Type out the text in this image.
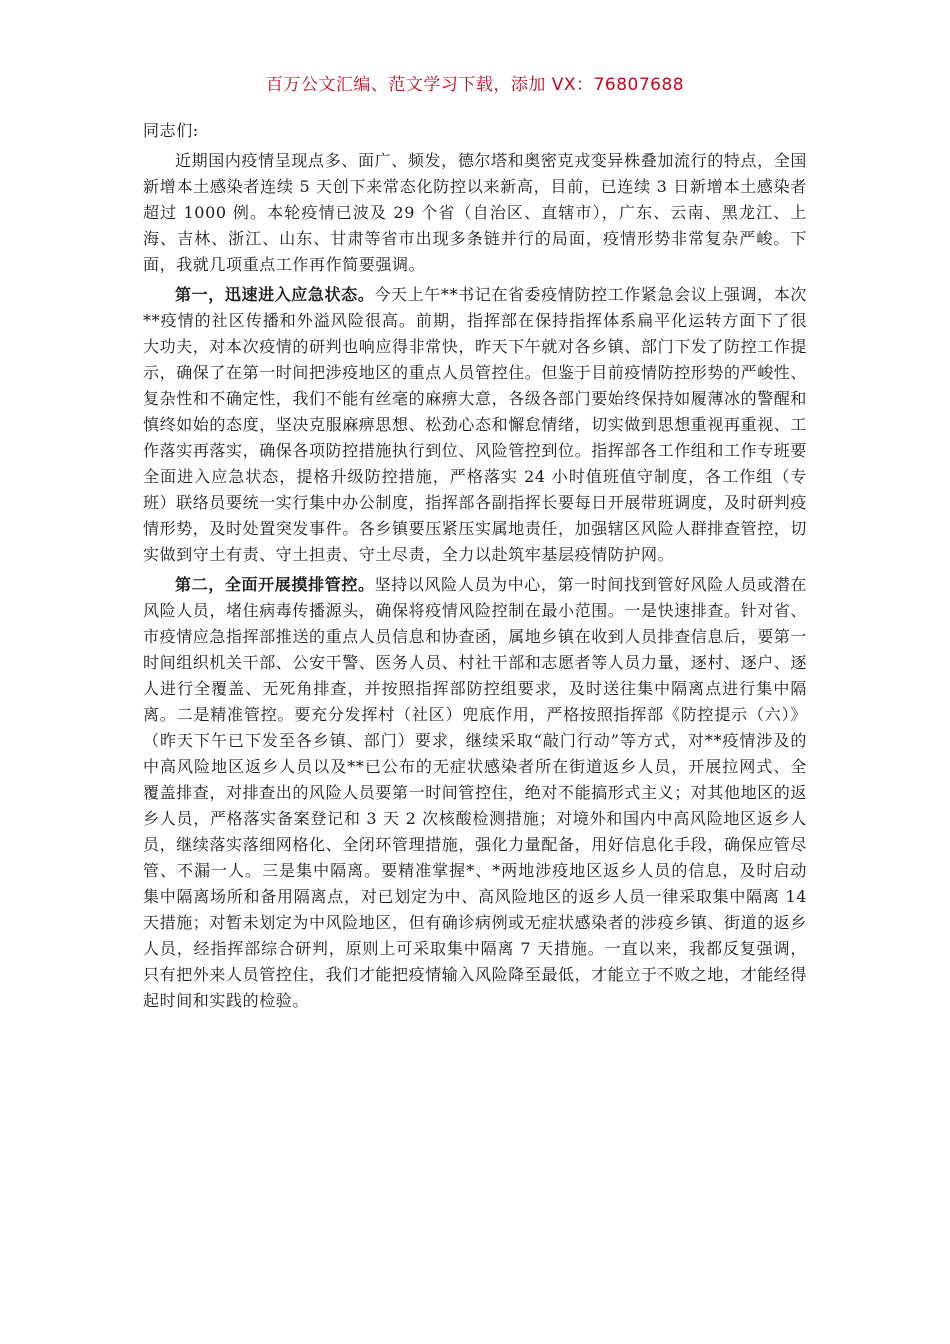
百万公文汇编、范文学习下载，添加 VX：76807688

同志们:

近期国内疫情呈现点多、面广、频发，德尔塔和奥密克戎变异株叠加流行的特点，全国新增本土感染者连续 5 天创下来常态化防控以来新高，目前，已连续 3 日新增本土感染者超过 1000 例。本轮疫情已波及 29 个省（自治区、直辖市），广东、云南、黑龙江、上海、吉林、浙江、山东、甘肃等省市出现多条链并行的局面，疫情形势非常复杂严峻。下面，我就几项重点工作再作简要强调。

第一，迅速进入应急状态。今天上午**书记在省委疫情防控工作紧急会议上强调，本次**疫情的社区传播和外溢风险很高。前期，指挥部在保持指挥体系扁平化运转方面下了很大功夫，对本次疫情的研判也响应得非常快，昨天下午就对各乡镇、部门下发了防控工作提示，确保了在第一时间把涉疫地区的重点人员管控住。但鉴于目前疫情防控形势的严峻性、复杂性和不确定性，我们不能有丝毫的麻痹大意，各级各部门要始终保持如履薄冰的警醒和慎终如始的态度，坚决克服麻痹思想、松劲心态和懈怠情绪，切实做到思想重视再重视、工作落实再落实，确保各项防控措施执行到位、风险管控到位。指挥部各工作组和工作专班要全面进入应急状态，提格升级防控措施，严格落实 24 小时值班值守制度，各工作组（专班）联络员要统一实行集中办公制度，指挥部各副指挥长要每日开展带班调度，及时研判疫情形势，及时处置突发事件。各乡镇要压紧压实属地责任，加强辖区风险人群排查管控，切实做到守土有责、守土担责、守土尽责，全力以赴筑牢基层疫情防护网。

第二，全面开展摸排管控。坚持以风险人员为中心，第一时间找到管好风险人员或潜在风险人员，堵住病毒传播源头，确保将疫情风险控制在最小范围。一是快速排查。针对省、市疫情应急指挥部推送的重点人员信息和协查函，属地乡镇在收到人员排查信息后，要第一时间组织机关干部、公安干警、医务人员、村社干部和志愿者等人员力量，逐村、逐户、逐人进行全覆盖、无死角排查，并按照指挥部防控组要求，及时送往集中隔离点进行集中隔离。二是精准管控。要充分发挥村（社区）兜底作用，严格按照指挥部《防控提示（六）》（昨天下午已下发至各乡镇、部门）要求，继续采取“敲门行动”等方式，对**疫情涉及的中高风险地区返乡人员以及**已公布的无症状感染者所在街道返乡人员，开展拉网式、全覆盖排查，对排查出的风险人员要第一时间管控住，绝对不能搞形式主义；对其他地区的返乡人员，严格落实备案登记和 3 天 2 次核酸检测措施；对境外和国内中高风险地区返乡人员，继续落实落细网格化、全闭环管理措施，强化力量配备，用好信息化手段，确保应管尽管、不漏一人。三是集中隔离。要精准掌握*、*两地涉疫地区返乡人员的信息，及时启动集中隔离场所和备用隔离点，对已划定为中、高风险地区的返乡人员一律采取集中隔离 14 天措施；对暂未划定为中风险地区，但有确诊病例或无症状感染者的涉疫乡镇、街道的返乡人员，经指挥部综合研判，原则上可采取集中隔离 7 天措施。一直以来，我都反复强调，只有把外来人员管控住，我们才能把疫情输入风险降至最低，才能立于不败之地，才能经得起时间和实践的检验。
